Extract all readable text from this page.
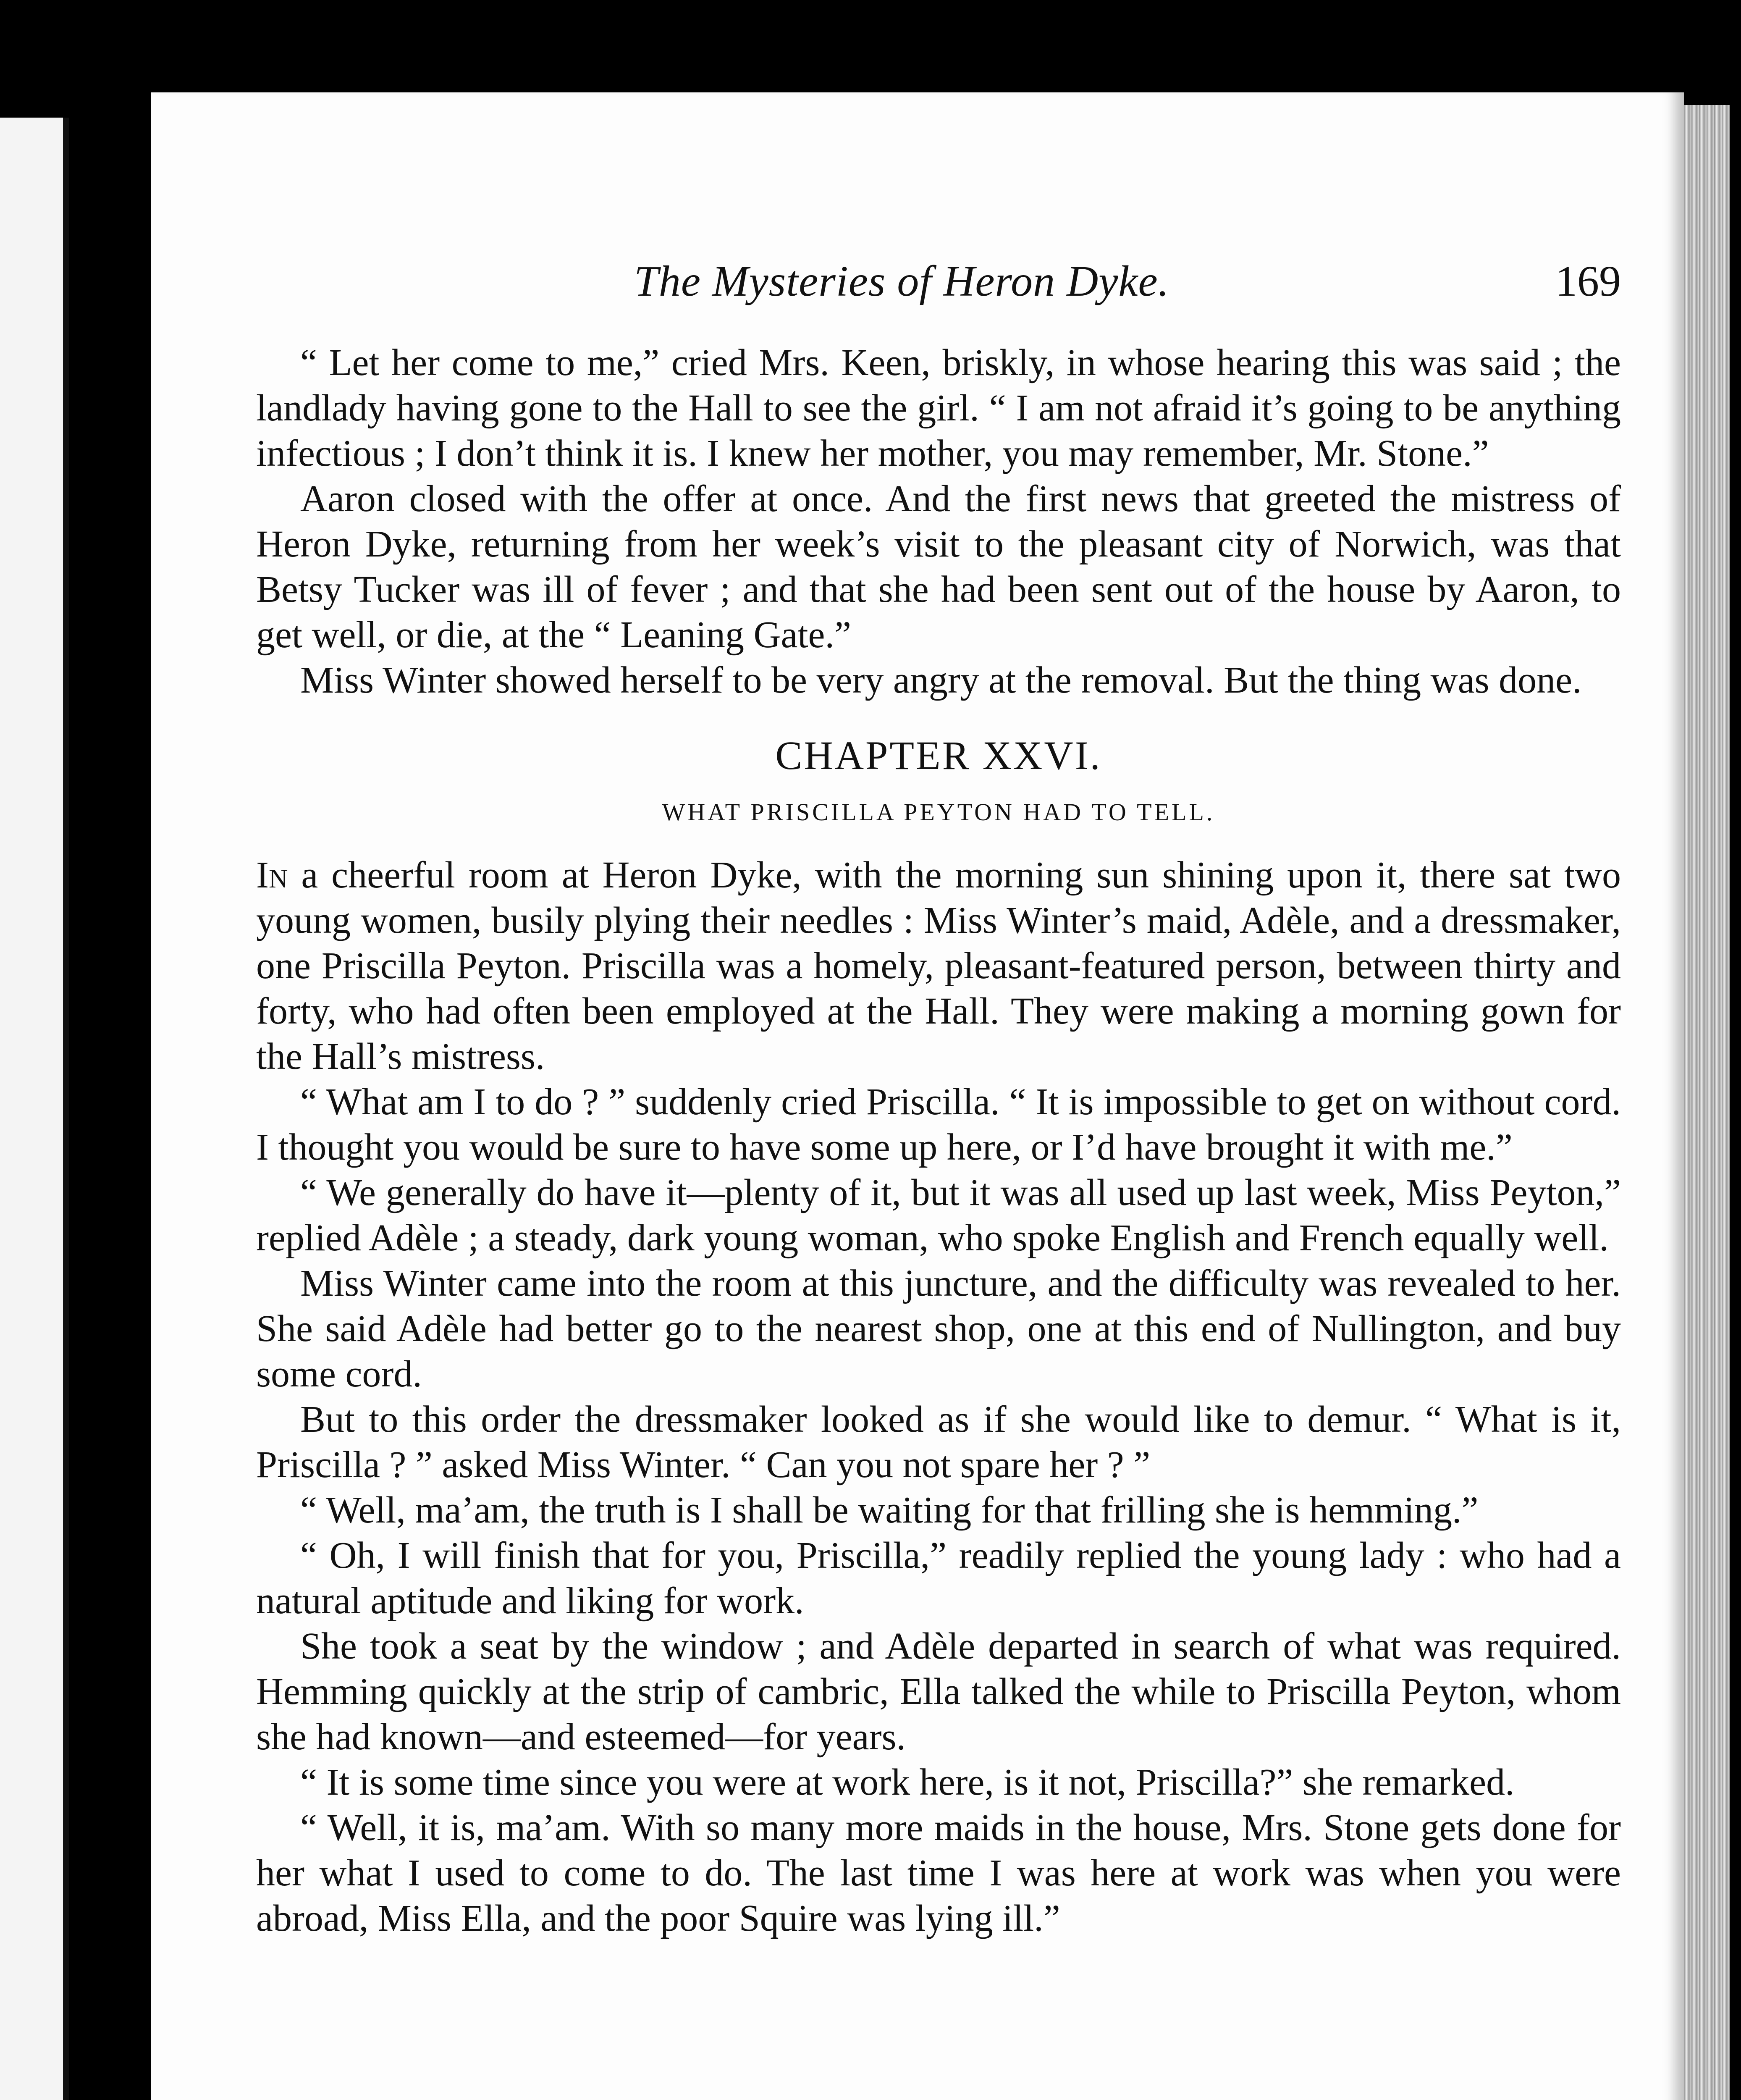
The Mysteries of Heron Dyke.	169

“ Let her come to me,” cried Mrs. Keen, briskly, in whose hearing this was said ; the landlady having gone to the Hall to see the girl. “ I am not afraid it’s going to be anything infectious ; I don’t think it is. I knew her mother, you may remember, Mr. Stone.”

Aaron closed with the offer at once. And the first news that greeted the mistress of Heron Dyke, returning from her week’s visit to the pleasant city of Norwich, was that Betsy Tucker was ill of fever ; and that she had been sent out of the house by Aaron, to get well, or die, at the “ Leaning Gate.”

Miss Winter showed herself to be very angry at the removal. But the thing was done.

CHAPTER XXVI.
WHAT PRISCILLA PEYTON HAD TO TELL.

In a cheerful room at Heron Dyke, with the morning sun shining upon it, there sat two young women, busily plying their needles : Miss Winter’s maid, Adèle, and a dressmaker, one Priscilla Peyton. Priscilla was a homely, pleasant-featured person, between thirty and forty, who had often been employed at the Hall. They were making a morning gown for the Hall’s mistress.

“ What am I to do ? ” suddenly cried Priscilla. “ It is impossible to get on without cord. I thought you would be sure to have some up here, or I’d have brought it with me.”

“ We generally do have it—plenty of it, but it was all used up last week, Miss Peyton,” replied Adèle ; a steady, dark young woman, who spoke English and French equally well.

Miss Winter came into the room at this juncture, and the difficulty was revealed to her. She said Adèle had better go to the nearest shop, one at this end of Nullington, and buy some cord.

But to this order the dressmaker looked as if she would like to demur. “ What is it, Priscilla ? ” asked Miss Winter. “ Can you not spare her ? ”

“ Well, ma’am, the truth is I shall be waiting for that frilling she is hemming.”

“ Oh, I will finish that for you, Priscilla,” readily replied the young lady : who had a natural aptitude and liking for work.

She took a seat by the window ; and Adèle departed in search of what was required. Hemming quickly at the strip of cambric, Ella talked the while to Priscilla Peyton, whom she had known—and esteemed—for years.

“ It is some time since you were at work here, is it not, Priscilla?” she remarked.

“ Well, it is, ma’am. With so many more maids in the house, Mrs. Stone gets done for her what I used to come to do. The last time I was here at work was when you were abroad, Miss Ella, and the poor Squire was lying ill.”
